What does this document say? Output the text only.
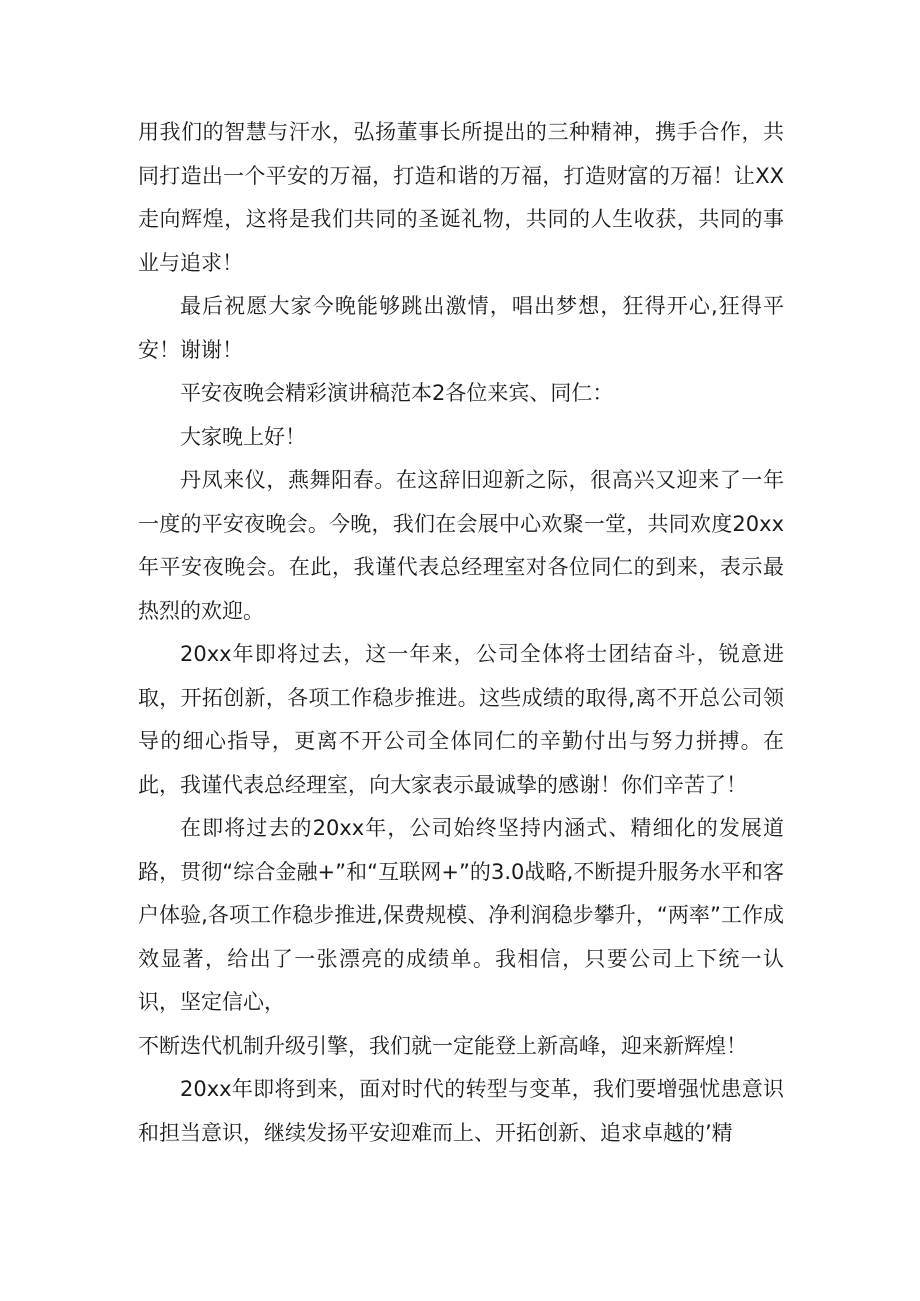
用我们的智慧与汗水，弘扬董事长所提出的三种精神，携手合作，共同打造出一个平安的万福，打造和谐的万福，打造财富的万福！让XX走向辉煌，这将是我们共同的圣诞礼物，共同的人生收获，共同的事业与追求！

最后祝愿大家今晚能够跳出激情，唱出梦想，狂得开心,狂得平安！谢谢！

平安夜晚会精彩演讲稿范本2各位来宾、同仁：

大家晚上好！

丹凤来仪，燕舞阳春。在这辞旧迎新之际，很高兴又迎来了一年一度的平安夜晚会。今晚，我们在会展中心欢聚一堂，共同欢度20xx年平安夜晚会。在此，我谨代表总经理室对各位同仁的到来，表示最热烈的欢迎。

20xx年即将过去，这一年来，公司全体将士团结奋斗，锐意进取，开拓创新，各项工作稳步推进。这些成绩的取得,离不开总公司领导的细心指导，更离不开公司全体同仁的辛勤付出与努力拼搏。在此，我谨代表总经理室，向大家表示最诚挚的感谢！你们辛苦了！

在即将过去的20xx年，公司始终坚持内涵式、精细化的发展道路，贯彻“综合金融+”和“互联网+”的3.0战略,不断提升服务水平和客户体验,各项工作稳步推进,保费规模、净利润稳步攀升，“两率”工作成效显著，给出了一张漂亮的成绩单。我相信，只要公司上下统一认识，坚定信心，

不断迭代机制升级引擎，我们就一定能登上新高峰，迎来新辉煌！

20xx年即将到来，面对时代的转型与变革，我们要增强忧患意识和担当意识，继续发扬平安迎难而上、开拓创新、追求卓越的’精
